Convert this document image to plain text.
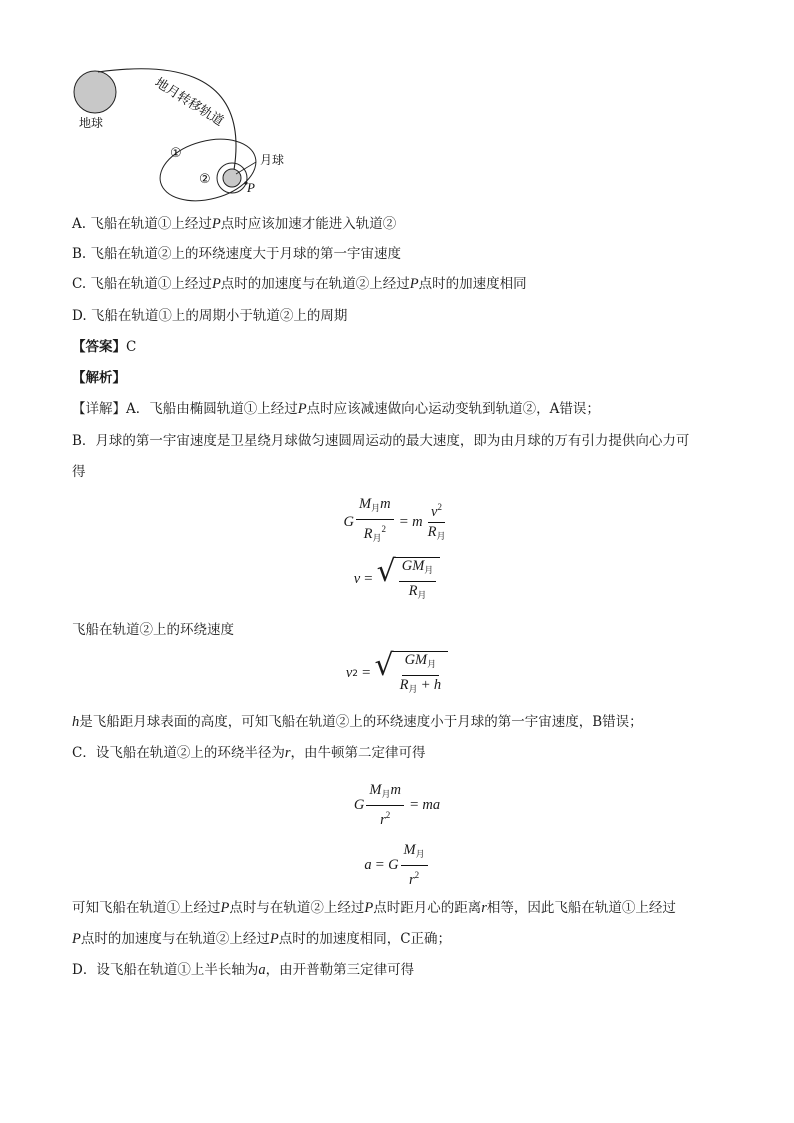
地球	地月转移轨道
①
②
月球
P
A. 飞船在轨道①上经过P点时应该加速才能进入轨道②
B. 飞船在轨道②上的环绕速度大于月球的第一宇宙速度
C. 飞船在轨道①上经过P点时的加速度与在轨道②上经过P点时的加速度相同
D. 飞船在轨道①上的周期小于轨道②上的周期
【答案】C
【解析】
【详解】A．飞船由椭圆轨道①上经过P点时应该减速做向心运动变轨到轨道②，A错误；
B．月球的第一宇宙速度是卫星绕月球做匀速圆周运动的最大速度，即为由月球的万有引力提供向心力可
得
G $\frac{M_月m}{R_月^2} = m \frac{v^2}{R_月}$
v = √ $\frac{GM_月}{R_月}$
飞船在轨道②上的环绕速度
v 2 = √ $\frac{GM_月}{R_月 + h}$
h是飞船距月球表面的高度，可知飞船在轨道②上的环绕速度小于月球的第一宇宙速度，B错误；
C．设飞船在轨道②上的环绕半径为r，由牛顿第二定律可得
G $\frac{M_月m}{r^2}$ = ma
a = G $\frac{M_月}{r^2}$
可知飞船在轨道①上经过P点时与在轨道②上经过P点时距月心的距离r相等，因此飞船在轨道①上经过
P点时的加速度与在轨道②上经过P点时的加速度相同，C正确；
D．设飞船在轨道①上半长轴为a，由开普勒第三定律可得
